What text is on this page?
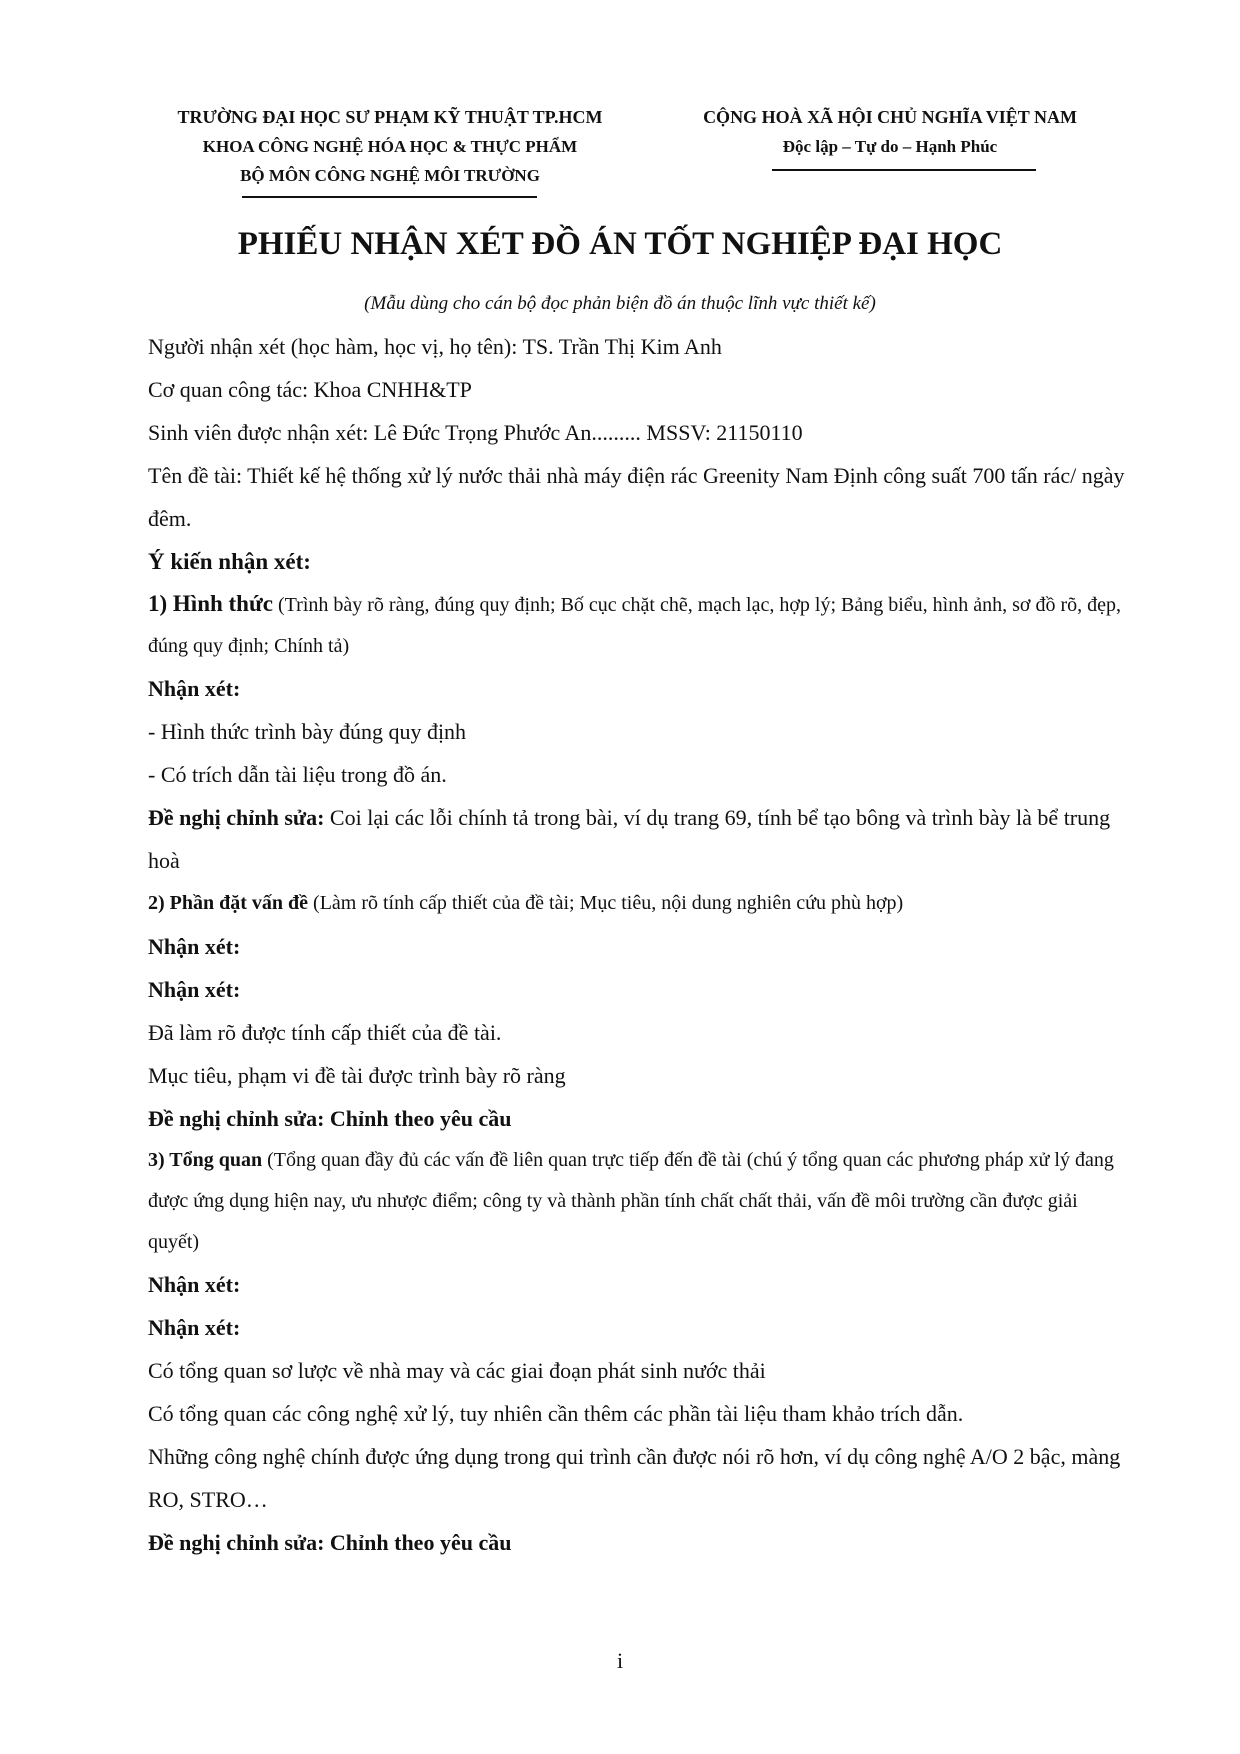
TRƯỜNG ĐẠI HỌC SƯ PHẠM KỸ THUẬT TP.HCM
KHOA CÔNG NGHỆ HÓA HỌC & THỰC PHẨM
BỘ MÔN CÔNG NGHỆ MÔI TRƯỜNG
CỘNG HOÀ XÃ HỘI CHỦ NGHĨA VIỆT NAM
Độc lập – Tự do – Hạnh Phúc
PHIẾU NHẬN XÉT ĐỒ ÁN TỐT NGHIỆP ĐẠI HỌC
(Mẫu dùng cho cán bộ đọc phản biện đồ án thuộc lĩnh vực thiết kế)

Người nhận xét (học hàm, học vị, họ tên): TS. Trần Thị Kim Anh

Cơ quan công tác: Khoa CNHH&TP

Sinh viên được nhận xét: Lê Đức Trọng Phước An......... MSSV: 21150110

Tên đề tài: Thiết kế hệ thống xử lý nước thải nhà máy điện rác Greenity Nam Định công suất 700 tấn rác/ ngày đêm.

Ý kiến nhận xét:

1) Hình thức (Trình bày rõ ràng, đúng quy định; Bố cục chặt chẽ, mạch lạc, hợp lý; Bảng biểu, hình ảnh, sơ đồ rõ, đẹp, đúng quy định; Chính tả)

Nhận xét:

- Hình thức trình bày đúng quy định

- Có trích dẫn tài liệu trong đồ án.

Đề nghị chỉnh sửa: Coi lại các lỗi chính tả trong bài, ví dụ trang 69, tính bể tạo bông và trình bày là bể trung hoà

2) Phần đặt vấn đề (Làm rõ tính cấp thiết của đề tài; Mục tiêu, nội dung nghiên cứu phù hợp)

Nhận xét:

Nhận xét:

Đã làm rõ được tính cấp thiết của đề tài.

Mục tiêu, phạm vi đề tài được trình bày rõ ràng

Đề nghị chỉnh sửa: Chỉnh theo yêu cầu

3) Tổng quan (Tổng quan đầy đủ các vấn đề liên quan trực tiếp đến đề tài (chú ý tổng quan các phương pháp xử lý đang được ứng dụng hiện nay, ưu nhược điểm; công ty và thành phần tính chất chất thải, vấn đề môi trường cần được giải quyết)

Nhận xét:

Nhận xét:

Có tổng quan sơ lược về nhà may và các giai đoạn phát sinh nước thải

Có tổng quan các công nghệ xử lý, tuy nhiên cần thêm các phần tài liệu tham khảo trích dẫn.

Những công nghệ chính được ứng dụng trong qui trình cần được nói rõ hơn, ví dụ công nghệ A/O 2 bậc, màng RO, STRO…

Đề nghị chỉnh sửa: Chỉnh theo yêu cầu

i
